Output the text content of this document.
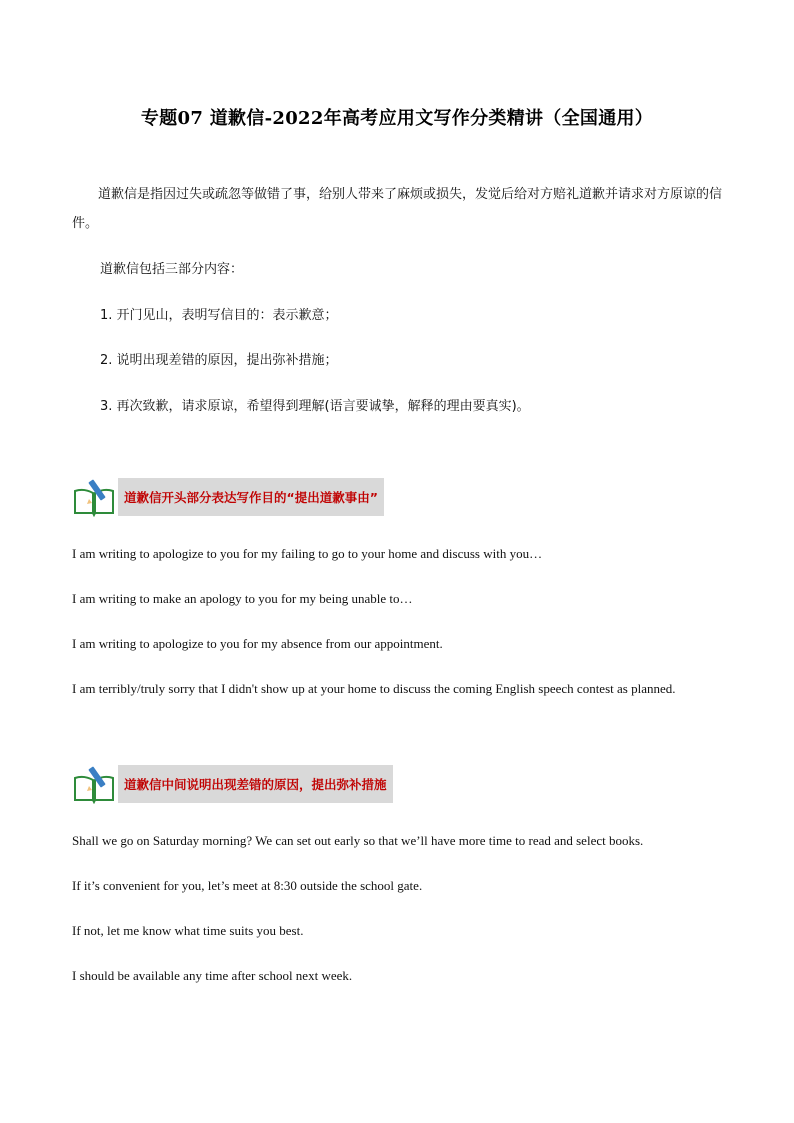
专题07 道歉信-2022年高考应用文写作分类精讲（全国通用）
道歉信是指因过失或疏忽等做错了事，给别人带来了麻烦或损失，发觉后给对方赔礼道歉并请求对方原谅的信件。
道歉信包括三部分内容：
1. 开门见山，表明写信目的：表示歉意；
2. 说明出现差错的原因，提出弥补措施；
3. 再次致歉，请求原谅，希望得到理解(语言要诚挚，解释的理由要真实)。
道歉信开头部分表达写作目的“提出道歉事由”
I am writing to apologize to you for my failing to go to your home and discuss with you…
I am writing to make an apology to you for my being unable to…
I am writing to apologize to you for my absence from our appointment.
I am terribly/truly sorry that I didn't show up at your home to discuss the coming English speech contest as planned.
道歉信中间说明出现差错的原因，提出弥补措施
Shall we go on Saturday morning? We can set out early so that we’ll have more time to read and select books.
If it’s convenient for you, let’s meet at 8:30 outside the school gate.
If not, let me know what time suits you best.
I should be available any time after school next week.
